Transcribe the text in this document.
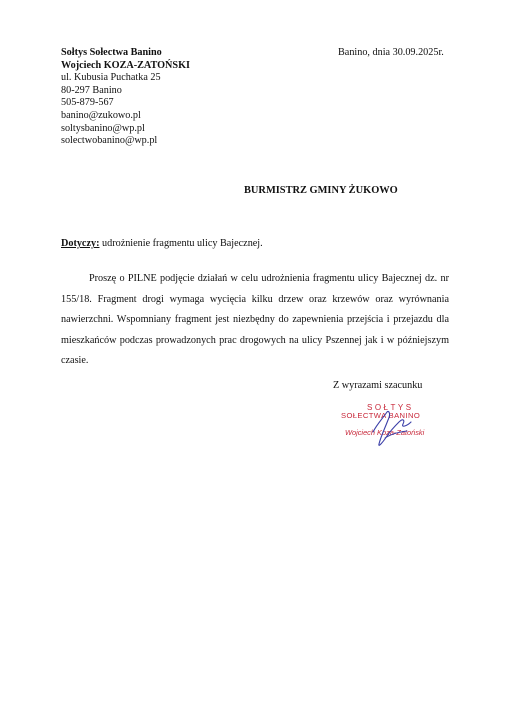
Sołtys Sołectwa Banino
Wojciech KOZA-ZATOŃSKI
ul. Kubusia Puchatka 25
80-297 Banino
505-879-567
banino@zukowo.pl
soltysbanino@wp.pl
solectwobanino@wp.pl
Banino, dnia 30.09.2025r.
BURMISTRZ GMINY ŻUKOWO
Dotyczy: udrożnienie fragmentu ulicy Bajecznej.

Proszę o PILNE podjęcie działań w celu udrożnienia fragmentu ulicy Bajecznej dz. nr 155/18. Fragment drogi wymaga wycięcia kilku drzew oraz krzewów oraz wyrównania nawierzchni. Wspomniany fragment jest niezbędny do zapewnienia przejścia i przejazdu dla mieszkańców podczas prowadzonych prac drogowych na ulicy Pszennej jak i w późniejszym czasie.

Z wyrazami szacunku
SOŁTYS
SOŁECTWA BANINO
Wojciech Koza-Zatoński
